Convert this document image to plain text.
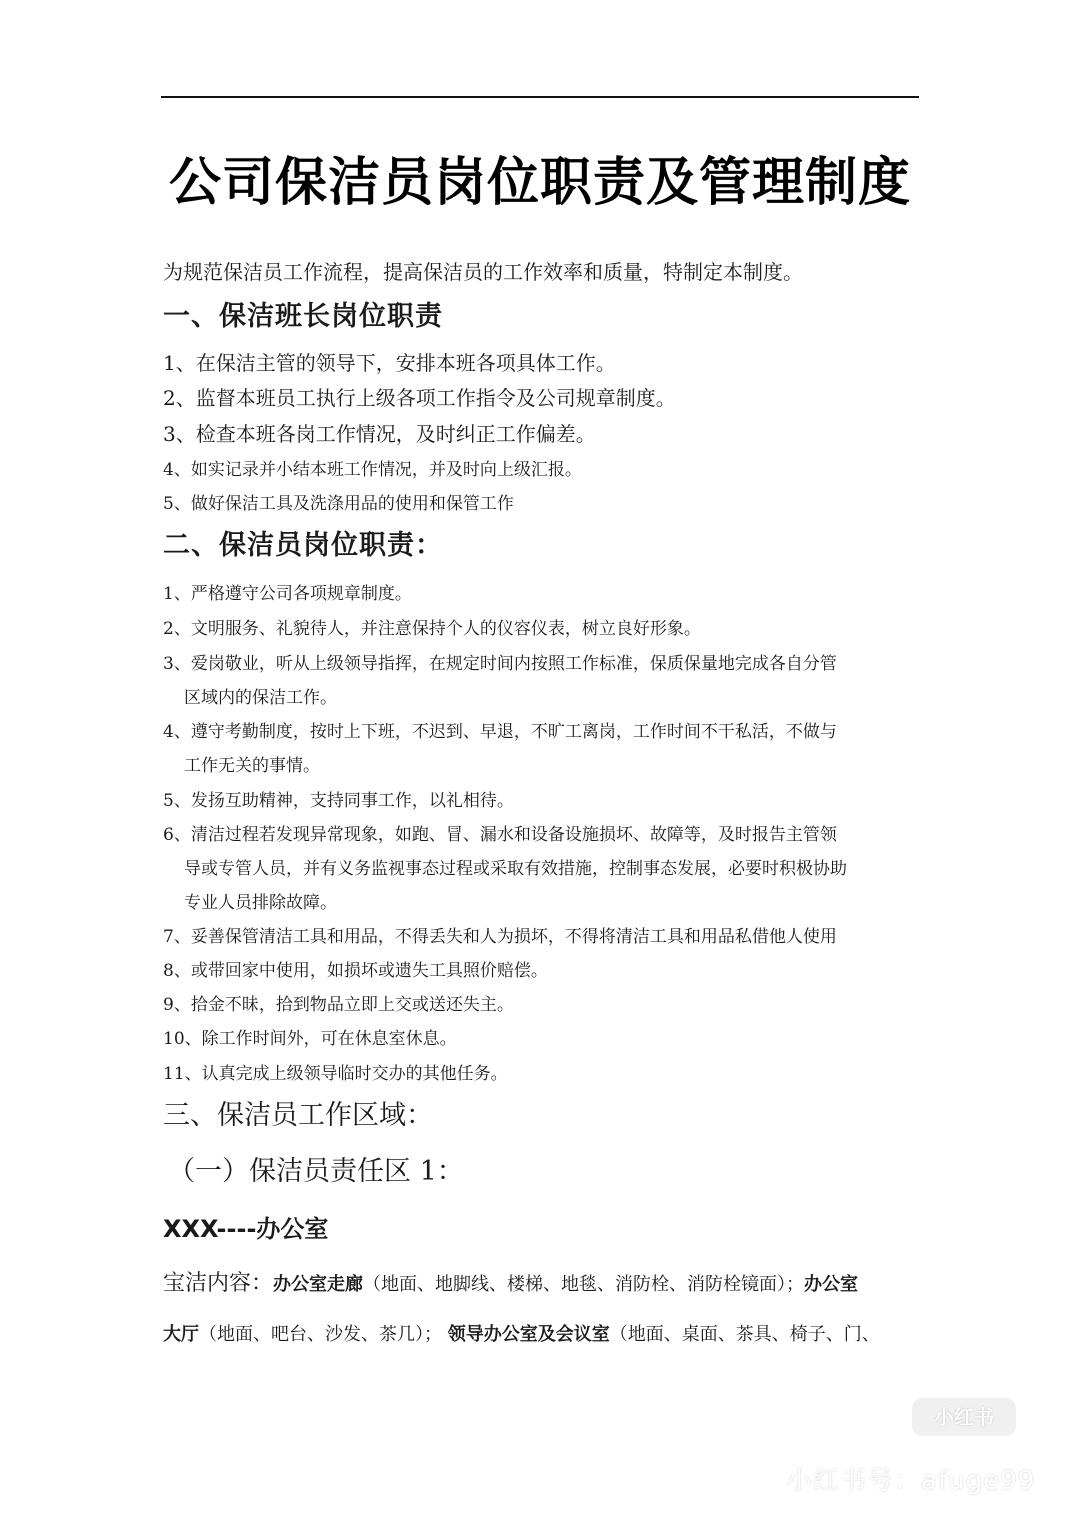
公司保洁员岗位职责及管理制度
为规范保洁员工作流程，提高保洁员的工作效率和质量，特制定本制度。
一、保洁班长岗位职责
1、在保洁主管的领导下，安排本班各项具体工作。
2、监督本班员工执行上级各项工作指令及公司规章制度。
3、检查本班各岗工作情况，及时纠正工作偏差。
4、如实记录并小结本班工作情况，并及时向上级汇报。
5、做好保洁工具及洗涤用品的使用和保管工作
二、保洁员岗位职责：
1、严格遵守公司各项规章制度。
2、文明服务、礼貌待人，并注意保持个人的仪容仪表，树立良好形象。
3、爱岗敬业，听从上级领导指挥，在规定时间内按照工作标准，保质保量地完成各自分管
区域内的保洁工作。
4、遵守考勤制度，按时上下班，不迟到、早退，不旷工离岗，工作时间不干私活，不做与
工作无关的事情。
5、发扬互助精神，支持同事工作，以礼相待。
6、清洁过程若发现异常现象，如跑、冒、漏水和设备设施损坏、故障等，及时报告主管领
导或专管人员，并有义务监视事态过程或采取有效措施，控制事态发展，必要时积极协助
专业人员排除故障。
7、妥善保管清洁工具和用品，不得丢失和人为损坏，不得将清洁工具和用品私借他人使用
8、或带回家中使用，如损坏或遗失工具照价赔偿。
9、拾金不昧，拾到物品立即上交或送还失主。
10、除工作时间外，可在休息室休息。
11、认真完成上级领导临时交办的其他任务。
三、保洁员工作区域：
（一）保洁员责任区 1：
XXX----办公室
宝洁内容：办公室走廊（地面、地脚线、楼梯、地毯、消防栓、消防栓镜面）；办公室
大厅（地面、吧台、沙发、茶几）； 领导办公室及会议室（地面、桌面、茶具、椅子、门、
小红书
小红书号：afuge99
